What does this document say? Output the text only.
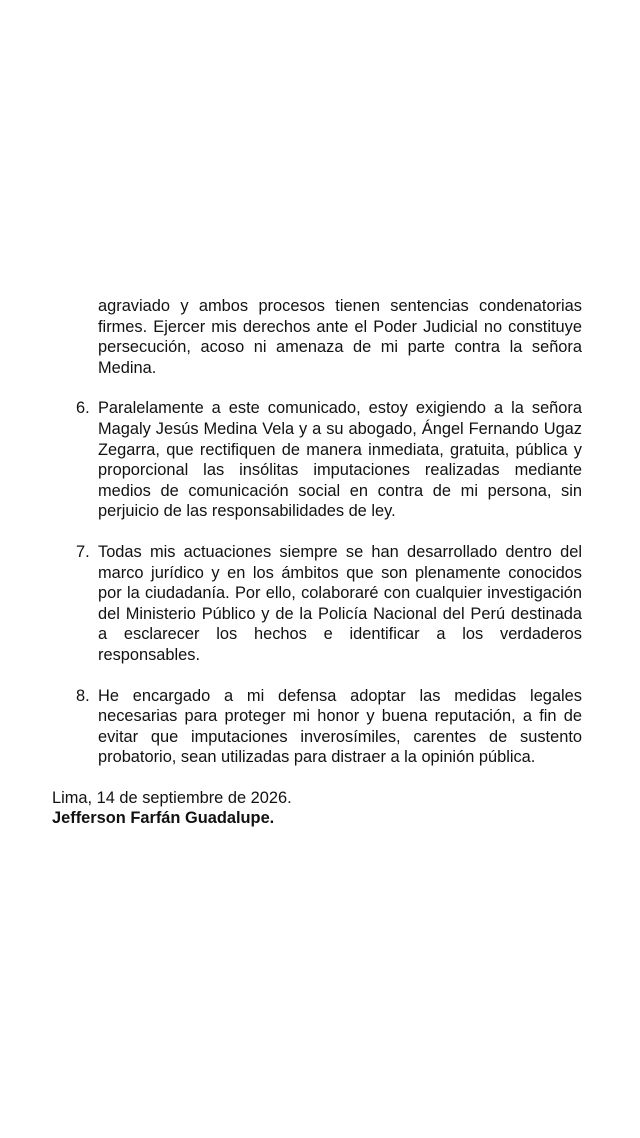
agraviado y ambos procesos tienen sentencias condenatorias firmes. Ejercer mis derechos ante el Poder Judicial no constituye persecución, acoso ni amenaza de mi parte contra la señora Medina.

6. Paralelamente a este comunicado, estoy exigiendo a la señora Magaly Jesús Medina Vela y a su abogado, Ángel Fernando Ugaz Zegarra, que rectifiquen de manera inmediata, gratuita, pública y proporcional las insólitas imputaciones realizadas mediante medios de comunicación social en contra de mi persona, sin perjuicio de las responsabilidades de ley.

7. Todas mis actuaciones siempre se han desarrollado dentro del marco jurídico y en los ámbitos que son plenamente conocidos por la ciudadanía. Por ello, colaboraré con cualquier investigación del Ministerio Público y de la Policía Nacional del Perú destinada a esclarecer los hechos e identificar a los verdaderos responsables.

8. He encargado a mi defensa adoptar las medidas legales necesarias para proteger mi honor y buena reputación, a fin de evitar que imputaciones inverosímiles, carentes de sustento probatorio, sean utilizadas para distraer a la opinión pública.

Lima, 14 de septiembre de 2026.
Jefferson Farfán Guadalupe.
